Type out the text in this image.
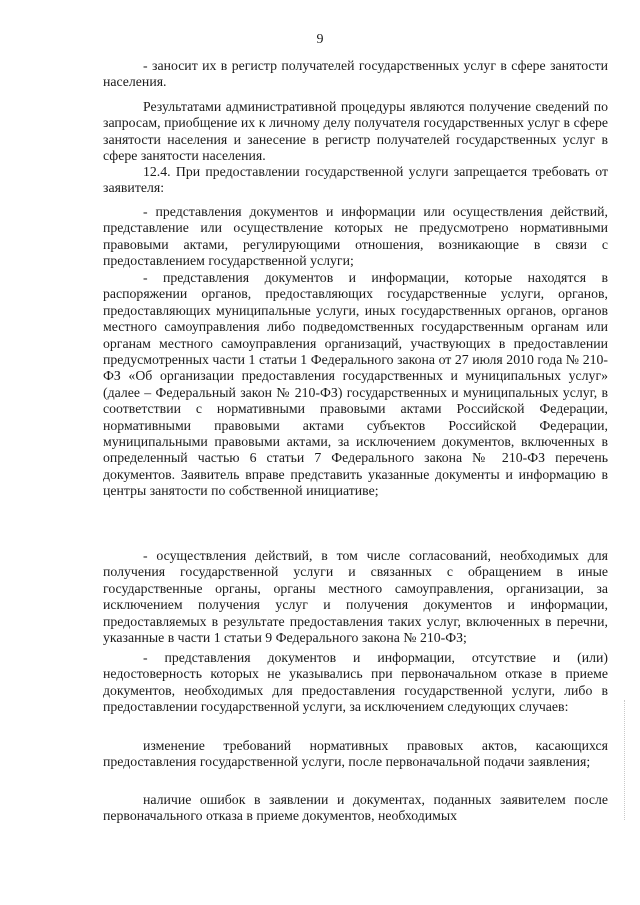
9

- заносит их в регистр получателей государственных услуг в сфере занятости населения.

Результатами административной процедуры являются получение сведений по запросам, приобщение их к личному делу получателя государственных услуг в сфере занятости населения и занесение в регистр получателей государственных услуг в сфере занятости населения.

12.4. При предоставлении государственной услуги запрещается требовать от заявителя:

- представления документов и информации или осуществления действий, представление или осуществление которых не предусмотрено нормативными правовыми актами, регулирующими отношения, возникающие в связи с предоставлением государственной услуги;

- представления документов и информации, которые находятся в распоряжении органов, предоставляющих государственные услуги, органов, предоставляющих муниципальные услуги, иных государственных органов, органов местного самоуправления либо подведомственных государственным органам или органам местного самоуправления организаций, участвующих в предоставлении предусмотренных части 1 статьи 1 Федерального закона от 27 июля 2010 года № 210-ФЗ «Об организации предоставления государственных и муниципальных услуг» (далее – Федеральный закон № 210-ФЗ) государственных и муниципальных услуг, в соответствии с нормативными правовыми актами Российской Федерации, нормативными правовыми актами субъектов Российской Федерации, муниципальными правовыми актами, за исключением документов, включенных в определенный частью 6 статьи 7 Федерального закона № 210-ФЗ перечень документов. Заявитель вправе представить указанные документы и информацию в центры занятости по собственной инициативе;

- осуществления действий, в том числе согласований, необходимых для получения государственной услуги и связанных с обращением в иные государственные органы, органы местного самоуправления, организации, за исключением получения услуг и получения документов и информации, предоставляемых в результате предоставления таких услуг, включенных в перечни, указанные в части 1 статьи 9 Федерального закона № 210-ФЗ;

- представления документов и информации, отсутствие и (или) недостоверность которых не указывались при первоначальном отказе в приеме документов, необходимых для предоставления государственной услуги, либо в предоставлении государственной услуги, за исключением следующих случаев:

изменение требований нормативных правовых актов, касающихся предоставления государственной услуги, после первоначальной подачи заявления;

наличие ошибок в заявлении и документах, поданных заявителем после первоначального отказа в приеме документов, необходимых
